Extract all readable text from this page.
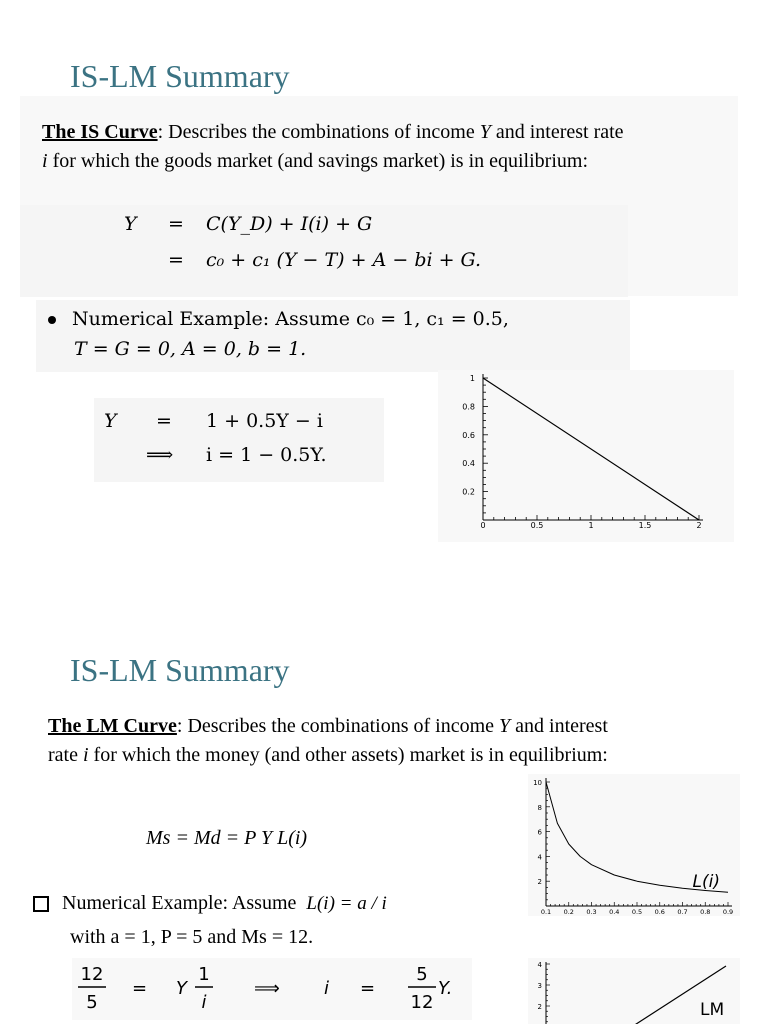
IS-LM Summary
The IS Curve: Describes the combinations of income Y and interest rate
i for which the goods market (and savings market) is in equilibrium:
Y = C(Y_D) + I(i) + G
= c₀ + c₁ (Y − T) + A − bi + G.
Numerical Example: Assume c₀ = 1, c₁ = 0.5,
T = G = 0, A = 0, b = 1.
Y = 1 + 0.5Y − i
⟹ i = 1 − 0.5Y.
0	0.5	1	1.5	2
0.2
0.4
0.6
0.8
1
IS-LM Summary
The LM Curve: Describes the combinations of income Y and interest
rate i for which the money (and other assets) market is in equilibrium:
Ms = Md = P Y L(i)
Numerical Example: Assume L(i) = a / i
with a = 1, P = 5 and Ms = 12.
12
5
= Y
1
i
⟹ i =
5
12
Y.
0.1 0.2 0.3 0.4 0.5 0.6 0.7 0.8 0.9
2
4
6
8
10
L(i)
2
3
4
LM
